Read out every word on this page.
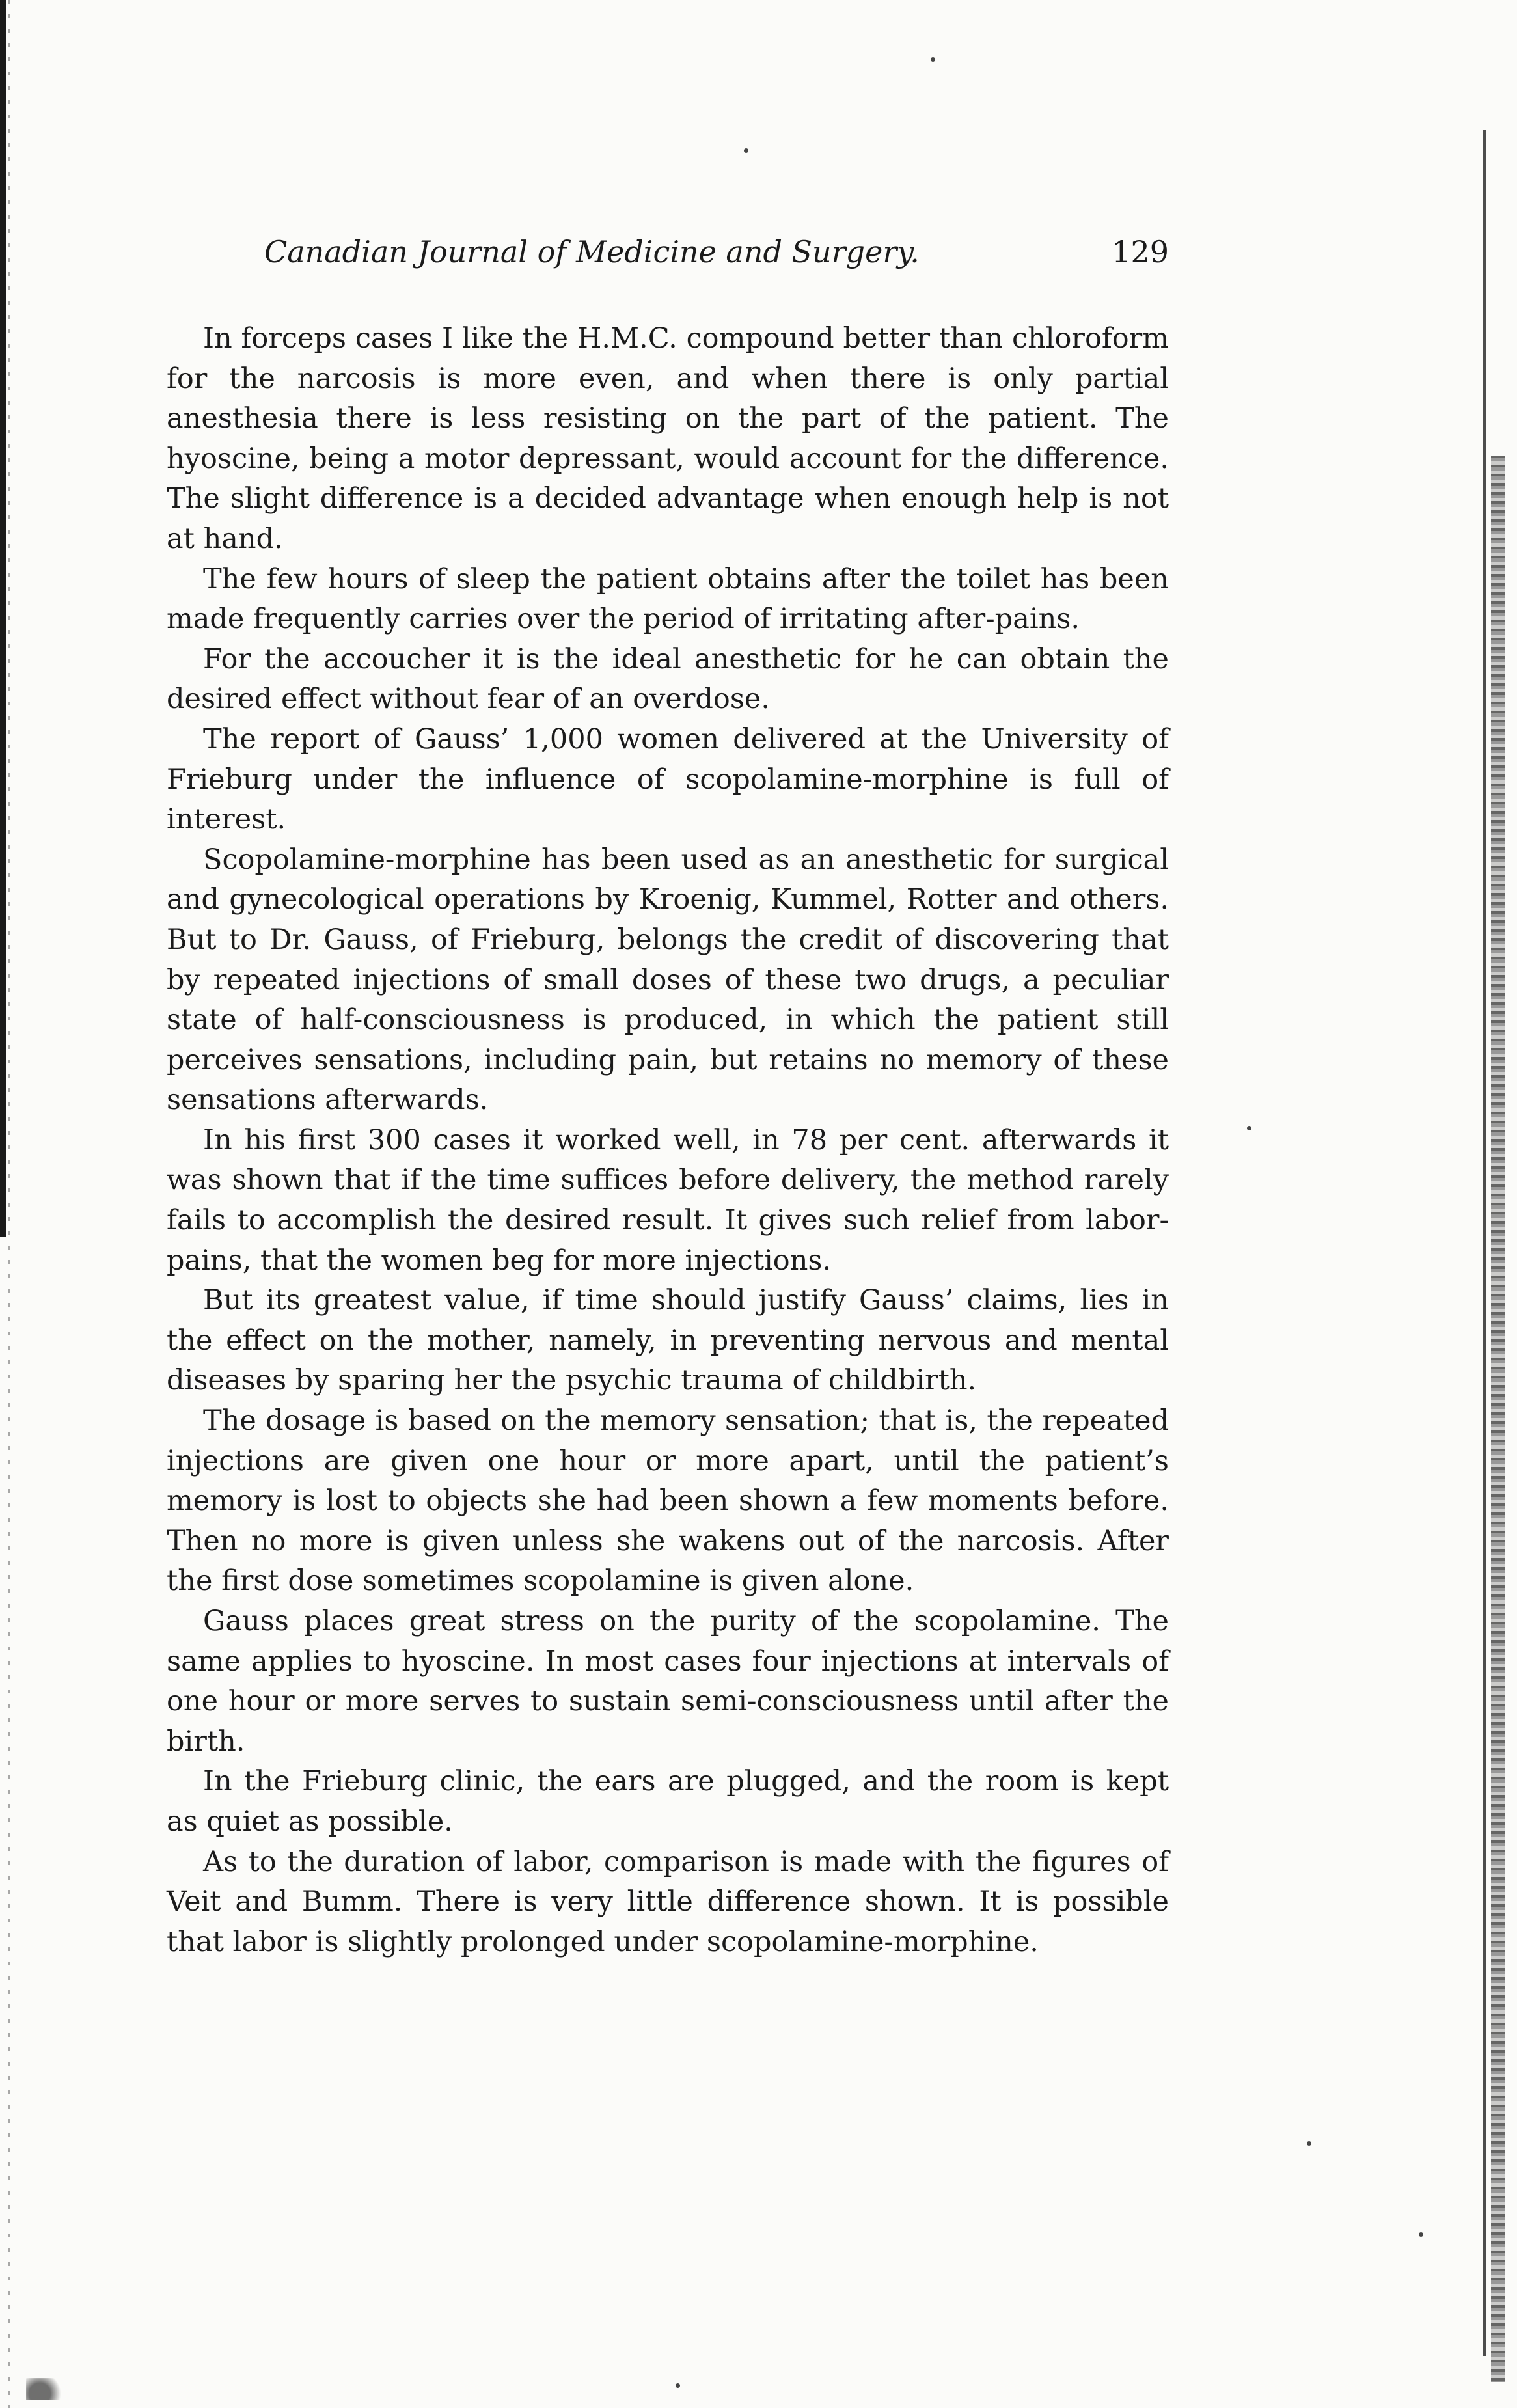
Canadian Journal of Medicine and Surgery.	129

In forceps cases I like the H.M.C. compound better than chloroform for the narcosis is more even, and when there is only partial anesthesia there is less resisting on the part of the patient. The hyoscine, being a motor depressant, would account for the difference. The slight difference is a decided advantage when enough help is not at hand.

The few hours of sleep the patient obtains after the toilet has been made frequently carries over the period of irritating after-pains.

For the accoucher it is the ideal anesthetic for he can obtain the desired effect without fear of an overdose.

The report of Gauss’ 1,000 women delivered at the University of Frieburg under the influence of scopolamine-morphine is full of interest.

Scopolamine-morphine has been used as an anesthetic for surgical and gynecological operations by Kroenig, Kummel, Rotter and others. But to Dr. Gauss, of Frieburg, belongs the credit of discovering that by repeated injections of small doses of these two drugs, a peculiar state of half-consciousness is produced, in which the patient still perceives sensations, including pain, but retains no memory of these sensations afterwards.

In his first 300 cases it worked well, in 78 per cent. afterwards it was shown that if the time suffices before delivery, the method rarely fails to accomplish the desired result. It gives such relief from labor-pains, that the women beg for more injections.

But its greatest value, if time should justify Gauss’ claims, lies in the effect on the mother, namely, in preventing nervous and mental diseases by sparing her the psychic trauma of childbirth.

The dosage is based on the memory sensation; that is, the repeated injections are given one hour or more apart, until the patient’s memory is lost to objects she had been shown a few moments before. Then no more is given unless she wakens out of the narcosis. After the first dose sometimes scopolamine is given alone.

Gauss places great stress on the purity of the scopolamine. The same applies to hyoscine. In most cases four injections at intervals of one hour or more serves to sustain semi-consciousness until after the birth.

In the Frieburg clinic, the ears are plugged, and the room is kept as quiet as possible.

As to the duration of labor, comparison is made with the figures of Veit and Bumm. There is very little difference shown. It is possible that labor is slightly prolonged under scopolamine-morphine.
